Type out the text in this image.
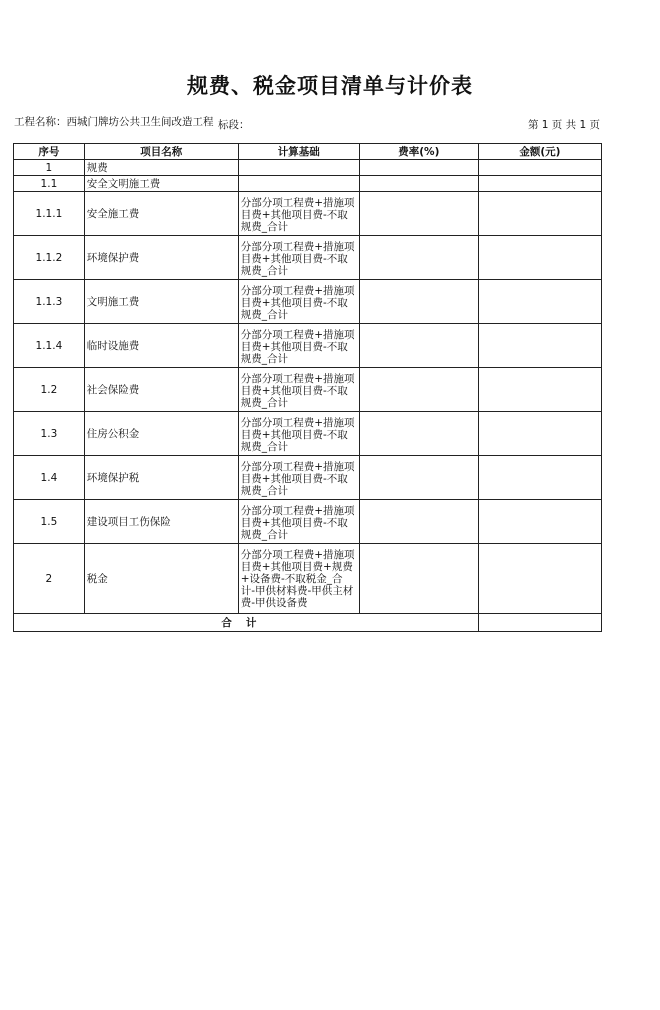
规费、税金项目清单与计价表
工程名称：西城门牌坊公共卫生间改造工程 标段：	第 1 页 共 1 页
序号	项目名称	计算基础	费率(%)	金额(元)
1	规费			
1.1	安全文明施工费			
1.1.1	安全施工费	分部分项工程费+措施项目费+其他项目费-不取规费_合计		

1.1.2	环境保护费	分部分项工程费+措施项目费+其他项目费-不取规费_合计		

1.1.3	文明施工费	分部分项工程费+措施项目费+其他项目费-不取规费_合计		

1.1.4	临时设施费	分部分项工程费+措施项目费+其他项目费-不取规费_合计		

1.2	社会保险费	分部分项工程费+措施项目费+其他项目费-不取规费_合计		

1.3	住房公积金	分部分项工程费+措施项目费+其他项目费-不取规费_合计		

1.4	环境保护税	分部分项工程费+措施项目费+其他项目费-不取规费_合计		

1.5	建设项目工伤保险	分部分项工程费+措施项目费+其他项目费-不取规费_合计		

2	税金	分部分项工程费+措施项目费+其他项目费+规费+设备费-不取税金_合计-甲供材料费-甲供主材费-甲供设备费		

合计				
